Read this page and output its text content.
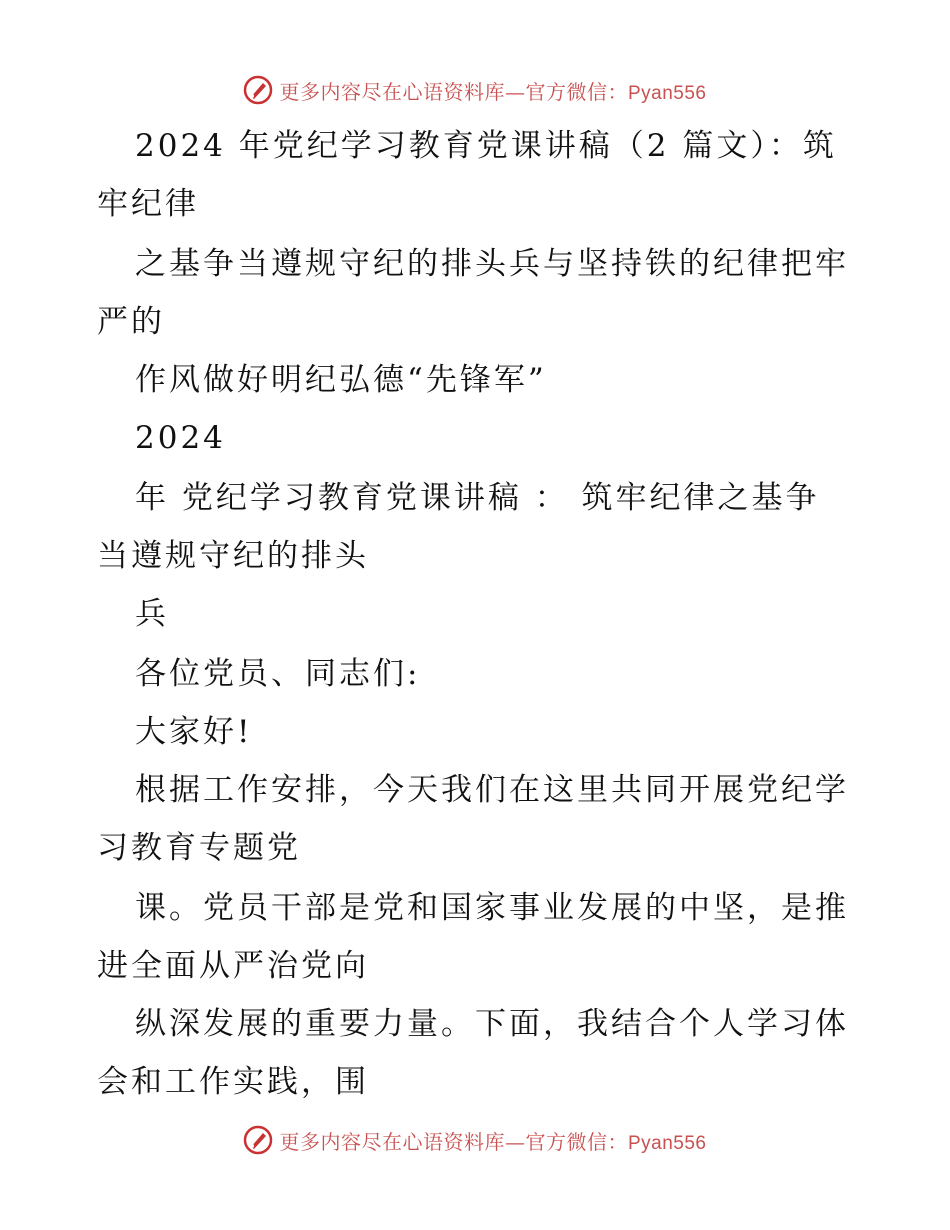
更多内容尽在心语资料库—官方微信：Pyan556
2024 年党纪学习教育党课讲稿（2 篇文）：筑
牢纪律
之基争当遵规守纪的排头兵与坚持铁的纪律把牢
严的
作风做好明纪弘德“先锋军”
2024
年 党纪学习教育党课讲稿 ： 筑牢纪律之基争
当遵规守纪的排头
兵
各位党员、同志们:
大家好!
根据工作安排，今天我们在这里共同开展党纪学
习教育专题党
课。党员干部是党和国家事业发展的中坚，是推
进全面从严治党向
纵深发展的重要力量。下面，我结合个人学习体
会和工作实践，围
更多内容尽在心语资料库—官方微信：Pyan556
